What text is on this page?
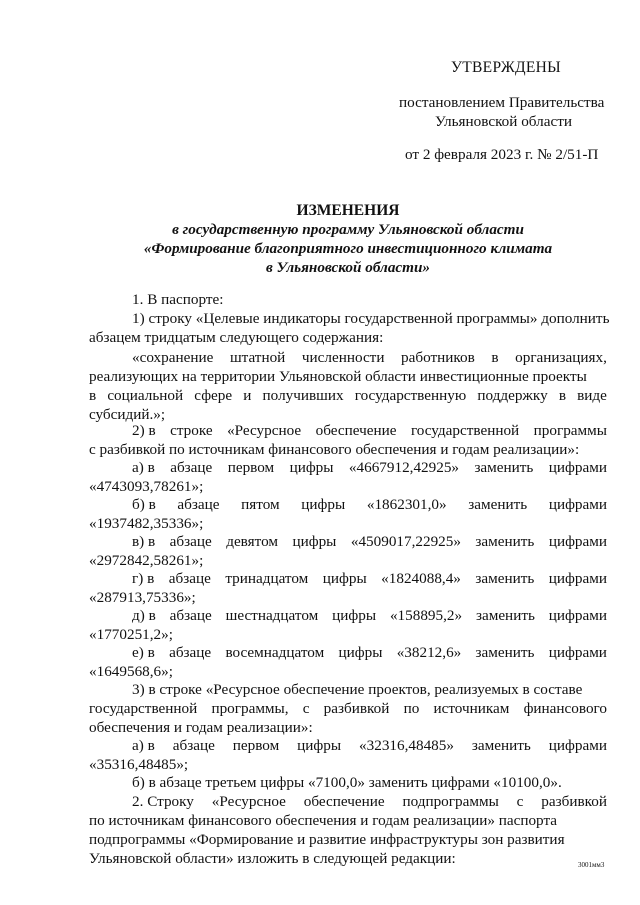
УТВЕРЖДЕНЫ
постановлением Правительства
Ульяновской области
от 2 февраля 2023 г. № 2/51-П
ИЗМЕНЕНИЯ
в государственную программу Ульяновской области
«Формирование благоприятного инвестиционного климата
в Ульяновской области»
1. В паспорте:
1) строку «Целевые индикаторы государственной программы» дополнить
абзацем тридцатым следующего содержания:
«сохранение штатной численности работников в организациях,
реализующих на территории Ульяновской области инвестиционные проекты
в социальной сфере и получивших государственную поддержку в виде
субсидий.»;
2) в строке «Ресурсное обеспечение государственной программы
с разбивкой по источникам финансового обеспечения и годам реализации»:
а) в абзаце первом цифры «4667912,42925» заменить цифрами
«4743093,78261»;
б) в абзаце пятом цифры «1862301,0» заменить цифрами
«1937482,35336»;
в) в абзаце девятом цифры «4509017,22925» заменить цифрами
«2972842,58261»;
г) в абзаце тринадцатом цифры «1824088,4» заменить цифрами
«287913,75336»;
д) в абзаце шестнадцатом цифры «158895,2» заменить цифрами
«1770251,2»;
е) в абзаце восемнадцатом цифры «38212,6» заменить цифрами
«1649568,6»;
3) в строке «Ресурсное обеспечение проектов, реализуемых в составе
государственной программы, с разбивкой по источникам финансового
обеспечения и годам реализации»:
а) в абзаце первом цифры «32316,48485» заменить цифрами
«35316,48485»;
б) в абзаце третьем цифры «7100,0» заменить цифрами «10100,0».
2. Строку «Ресурсное обеспечение подпрограммы с разбивкой
по источникам финансового обеспечения и годам реализации» паспорта
подпрограммы «Формирование и развитие инфраструктуры зон развития
Ульяновской области» изложить в следующей редакции:	3001мм3
